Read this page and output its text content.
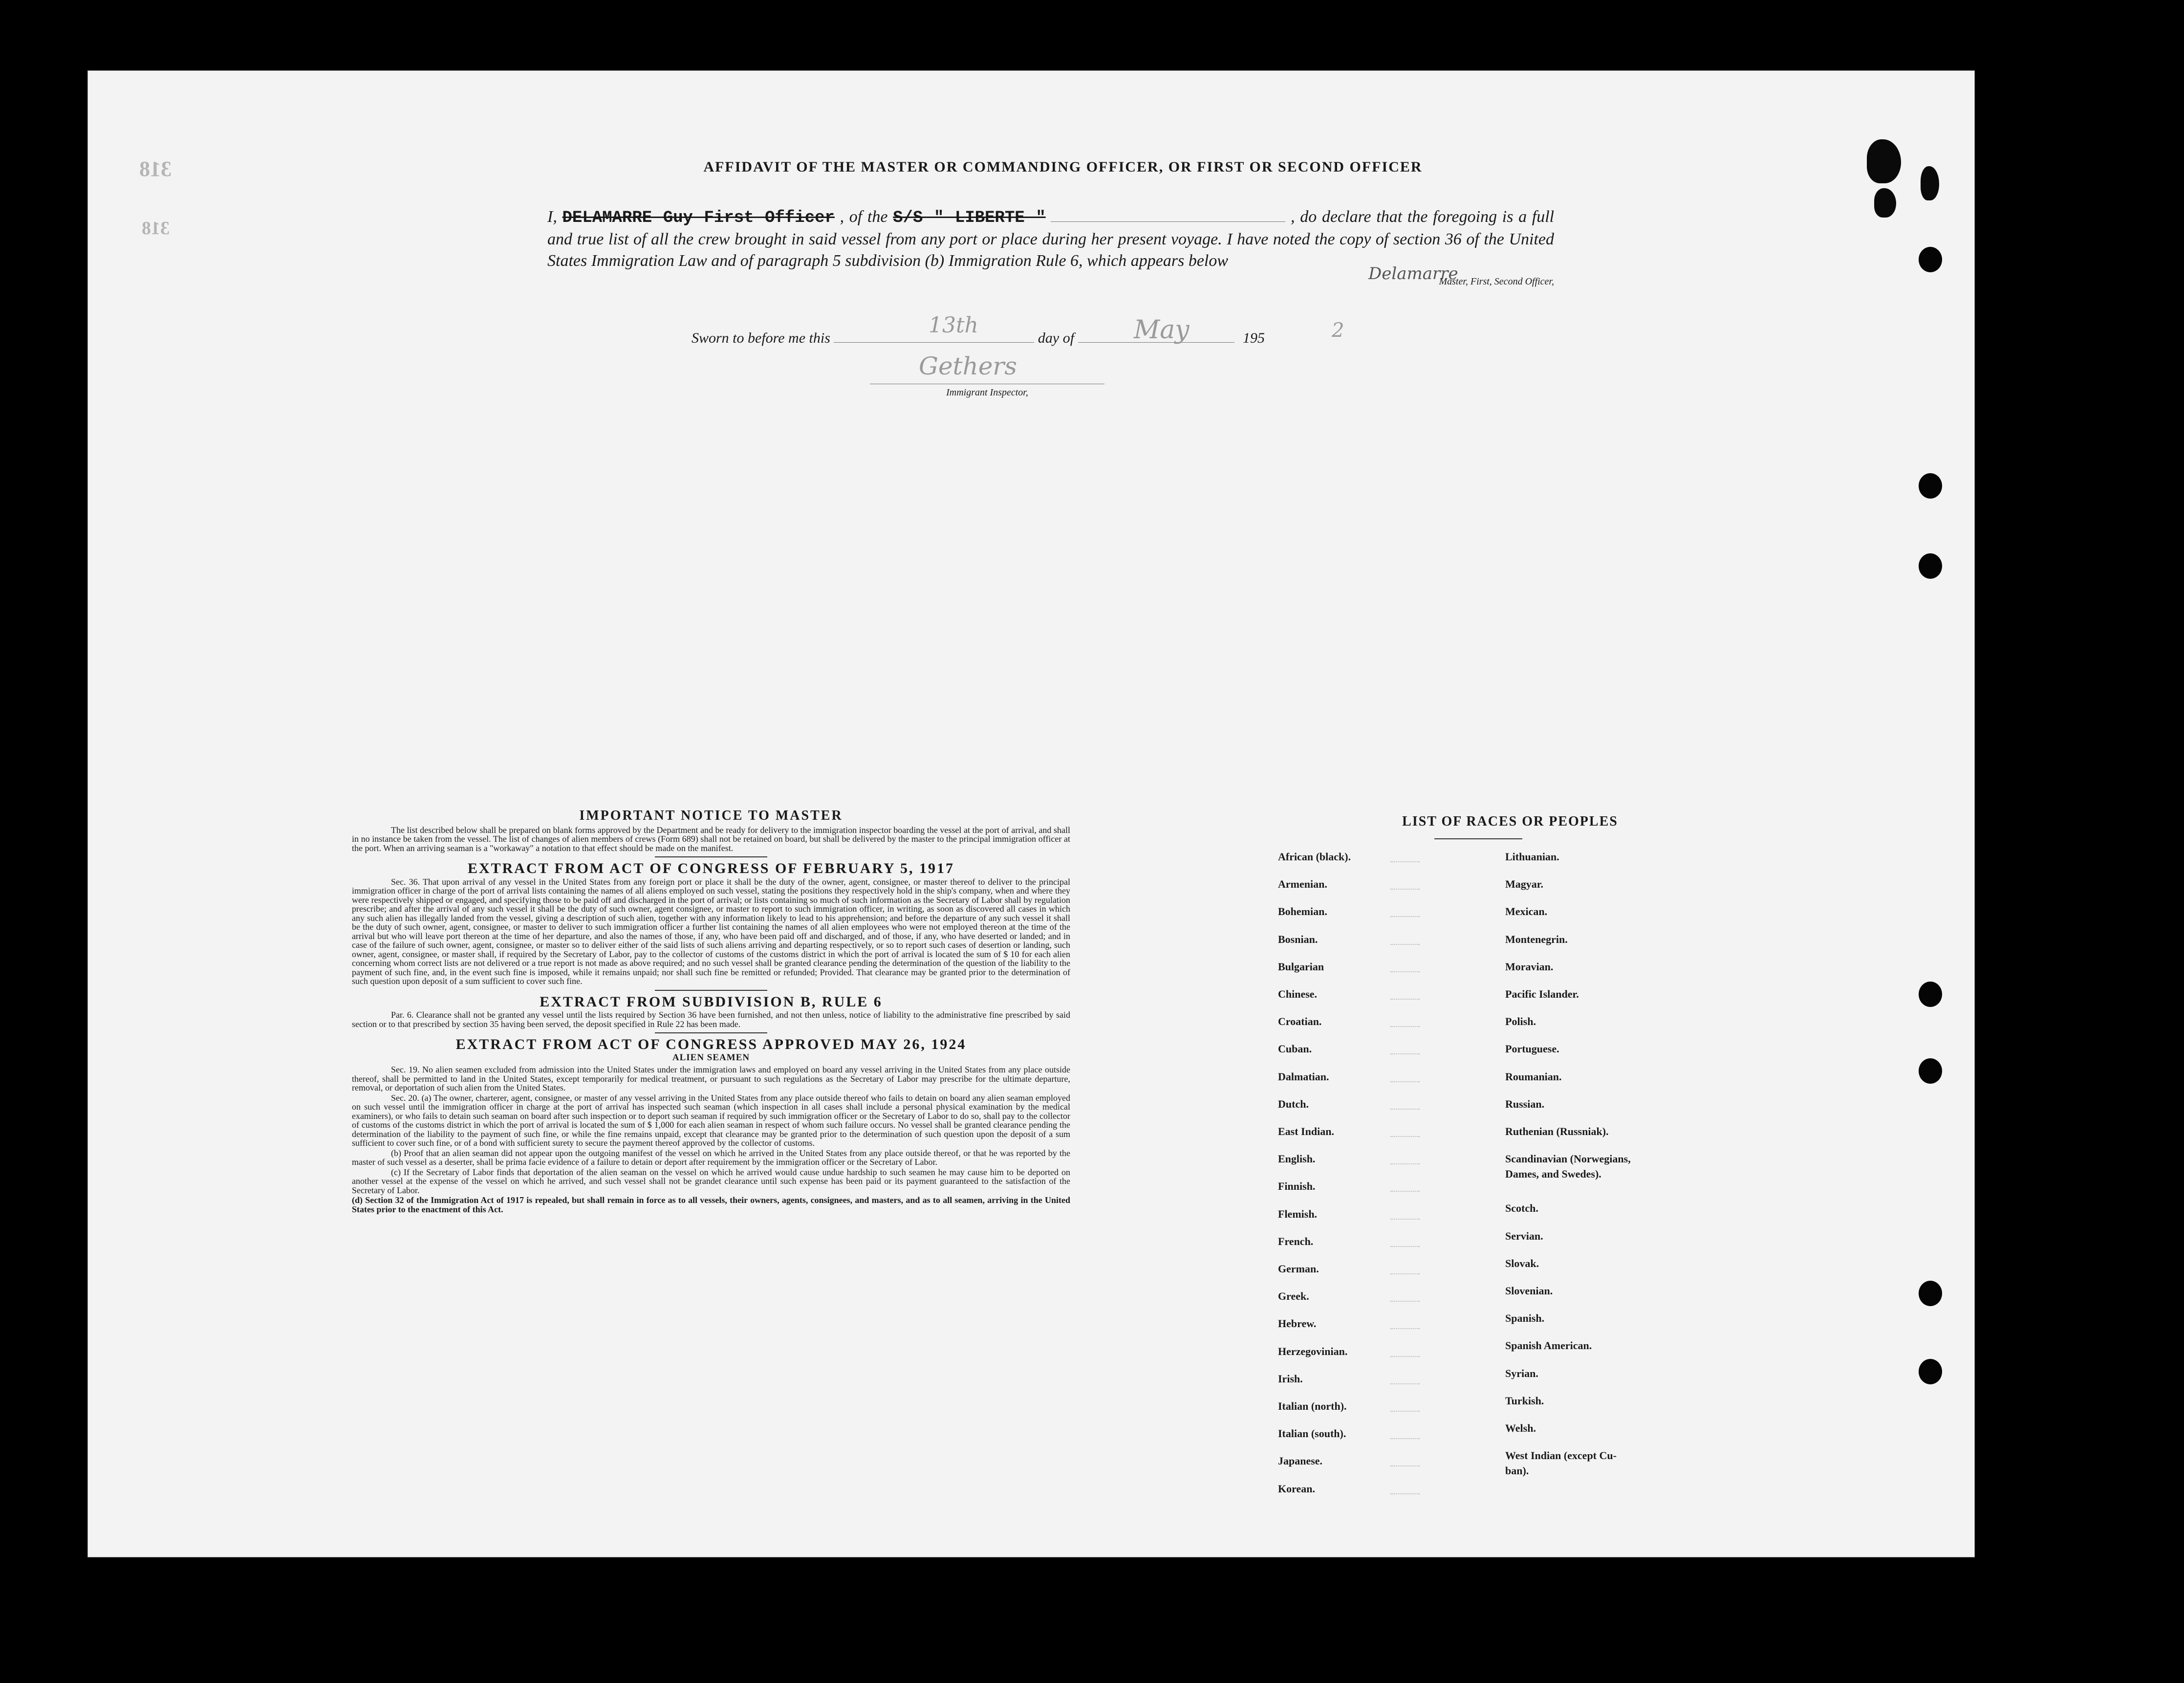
318
318
AFFIDAVIT OF THE MASTER OR COMMANDING OFFICER, OR FIRST OR SECOND OFFICER
I, DELAMARRE Guy First Officer , of the S/S " LIBERTE "	, do declare that the foregoing is a full and true list of all the crew brought in said vessel from any port or place during her present voyage. I have noted the copy of section 36 of the United States Immigration Law and of paragraph 5 subdivision (b) Immigration Rule 6, which appears below
Delamarre
Master, First, Second Officer,
Sworn to before me this	day of	195
13th	May	2
Gethers
Immigrant Inspector,
IMPORTANT NOTICE TO MASTER

The list described below shall be prepared on blank forms approved by the Department and be ready for delivery to the immigration inspector boarding the vessel at the port of arrival, and shall in no instance be taken from the vessel. The list of changes of alien members of crews (Form 689) shall not be retained on board, but shall be delivered by the master to the principal immigration officer at the port. When an arriving seaman is a "workaway" a notation to that effect should be made on the manifest.

EXTRACT FROM ACT OF CONGRESS OF FEBRUARY 5, 1917

Sec. 36. That upon arrival of any vessel in the United States from any foreign port or place it shall be the duty of the owner, agent, consignee, or master thereof to deliver to the principal immigration officer in charge of the port of arrival lists containing the names of all aliens employed on such vessel, stating the positions they respectively hold in the ship's company, when and where they were respectively shipped or engaged, and specifying those to be paid off and discharged in the port of arrival; or lists containing so much of such information as the Secretary of Labor shall by regulation prescribe; and after the arrival of any such vessel it shall be the duty of such owner, agent consignee, or master to report to such immigration officer, in writing, as soon as discovered all cases in which any such alien has illegally landed from the vessel, giving a description of such alien, together with any information likely to lead to his apprehension; and before the departure of any such vessel it shall be the duty of such owner, agent, consignee, or master to deliver to such immigration officer a further list containing the names of all alien employees who were not employed thereon at the time of the arrival but who will leave port thereon at the time of her departure, and also the names of those, if any, who have been paid off and discharged, and of those, if any, who have deserted or landed; and in case of the failure of such owner, agent, consignee, or master so to deliver either of the said lists of such aliens arriving and departing respectively, or so to report such cases of desertion or landing, such owner, agent, consignee, or master shall, if required by the Secretary of Labor, pay to the collector of customs of the customs district in which the port of arrival is located the sum of $ 10 for each alien concerning whom correct lists are not delivered or a true report is not made as above required; and no such vessel shall be granted clearance pending the determination of the question of the liability to the payment of such fine, and, in the event such fine is imposed, while it remains unpaid; nor shall such fine be remitted or refunded; Provided. That clearance may be granted prior to the determination of such question upon deposit of a sum sufficient to cover such fine.

EXTRACT FROM SUBDIVISION B, RULE 6

Par. 6. Clearance shall not be granted any vessel until the lists required by Section 36 have been furnished, and not then unless, notice of liability to the administrative fine prescribed by said section or to that prescribed by section 35 having been served, the deposit specified in Rule 22 has been made.

EXTRACT FROM ACT OF CONGRESS APPROVED MAY 26, 1924
ALIEN SEAMEN

Sec. 19. No alien seamen excluded from admission into the United States under the immigration laws and employed on board any vessel arriving in the United States from any place outside thereof, shall be permitted to land in the United States, except temporarily for medical treatment, or pursuant to such regulations as the Secretary of Labor may prescribe for the ultimate departure, removal, or deportation of such alien from the United States.

Sec. 20. (a) The owner, charterer, agent, consignee, or master of any vessel arriving in the United States from any place outside thereof who fails to detain on board any alien seaman employed on such vessel until the immigration officer in charge at the port of arrival has inspected such seaman (which inspection in all cases shall include a personal physical examination by the medical examiners), or who fails to detain such seaman on board after such inspection or to deport such seaman if required by such immigration officer or the Secretary of Labor to do so, shall pay to the collector of customs of the customs district in which the port of arrival is located the sum of $ 1,000 for each alien seaman in respect of whom such failure occurs. No vessel shall be granted clearance pending the determination of the liability to the payment of such fine, or while the fine remains unpaid, except that clearance may be granted prior to the determination of such question upon the deposit of a sum sufficient to cover such fine, or of a bond with sufficient surety to secure the payment thereof approved by the collector of customs.

(b) Proof that an alien seaman did not appear upon the outgoing manifest of the vessel on which he arrived in the United States from any place outside thereof, or that he was reported by the master of such vessel as a deserter, shall be prima facie evidence of a failure to detain or deport after requirement by the immigration officer or the Secretary of Labor.

(c) If the Secretary of Labor finds that deportation of the alien seaman on the vessel on which he arrived would cause undue hardship to such seamen he may cause him to be deported on another vessel at the expense of the vessel on which he arrived, and such vessel shall not be grandet clearance until such expense has been paid or its payment guaranteed to the satisfaction of the Secretary of Labor.

(d) Section 32 of the Immigration Act of 1917 is repealed, but shall remain in force as to all vessels, their owners, agents, consignees, and masters, and as to all seamen, arriving in the United States prior to the enactment of this Act.

LIST OF RACES OR PEOPLES
African (black).
Armenian.
Bohemian.
Bosnian.
Bulgarian
Chinese.
Croatian.
Cuban.
Dalmatian.
Dutch.
East Indian.
English.
Finnish.
Flemish.
French.
German.
Greek.
Hebrew.
Herzegovinian.
Irish.
Italian (north).
Italian (south).
Japanese.
Korean.
Lithuanian.
Magyar.
Mexican.
Montenegrin.
Moravian.
Pacific Islander.
Polish.
Portuguese.
Roumanian.
Russian.
Ruthenian (Russniak).
Scandinavian (Norwegians,
Dames, and Swedes).
Scotch.
Servian.
Slovak.
Slovenian.
Spanish.
Spanish American.
Syrian.
Turkish.
Welsh.
West Indian (except Cu-
ban).
